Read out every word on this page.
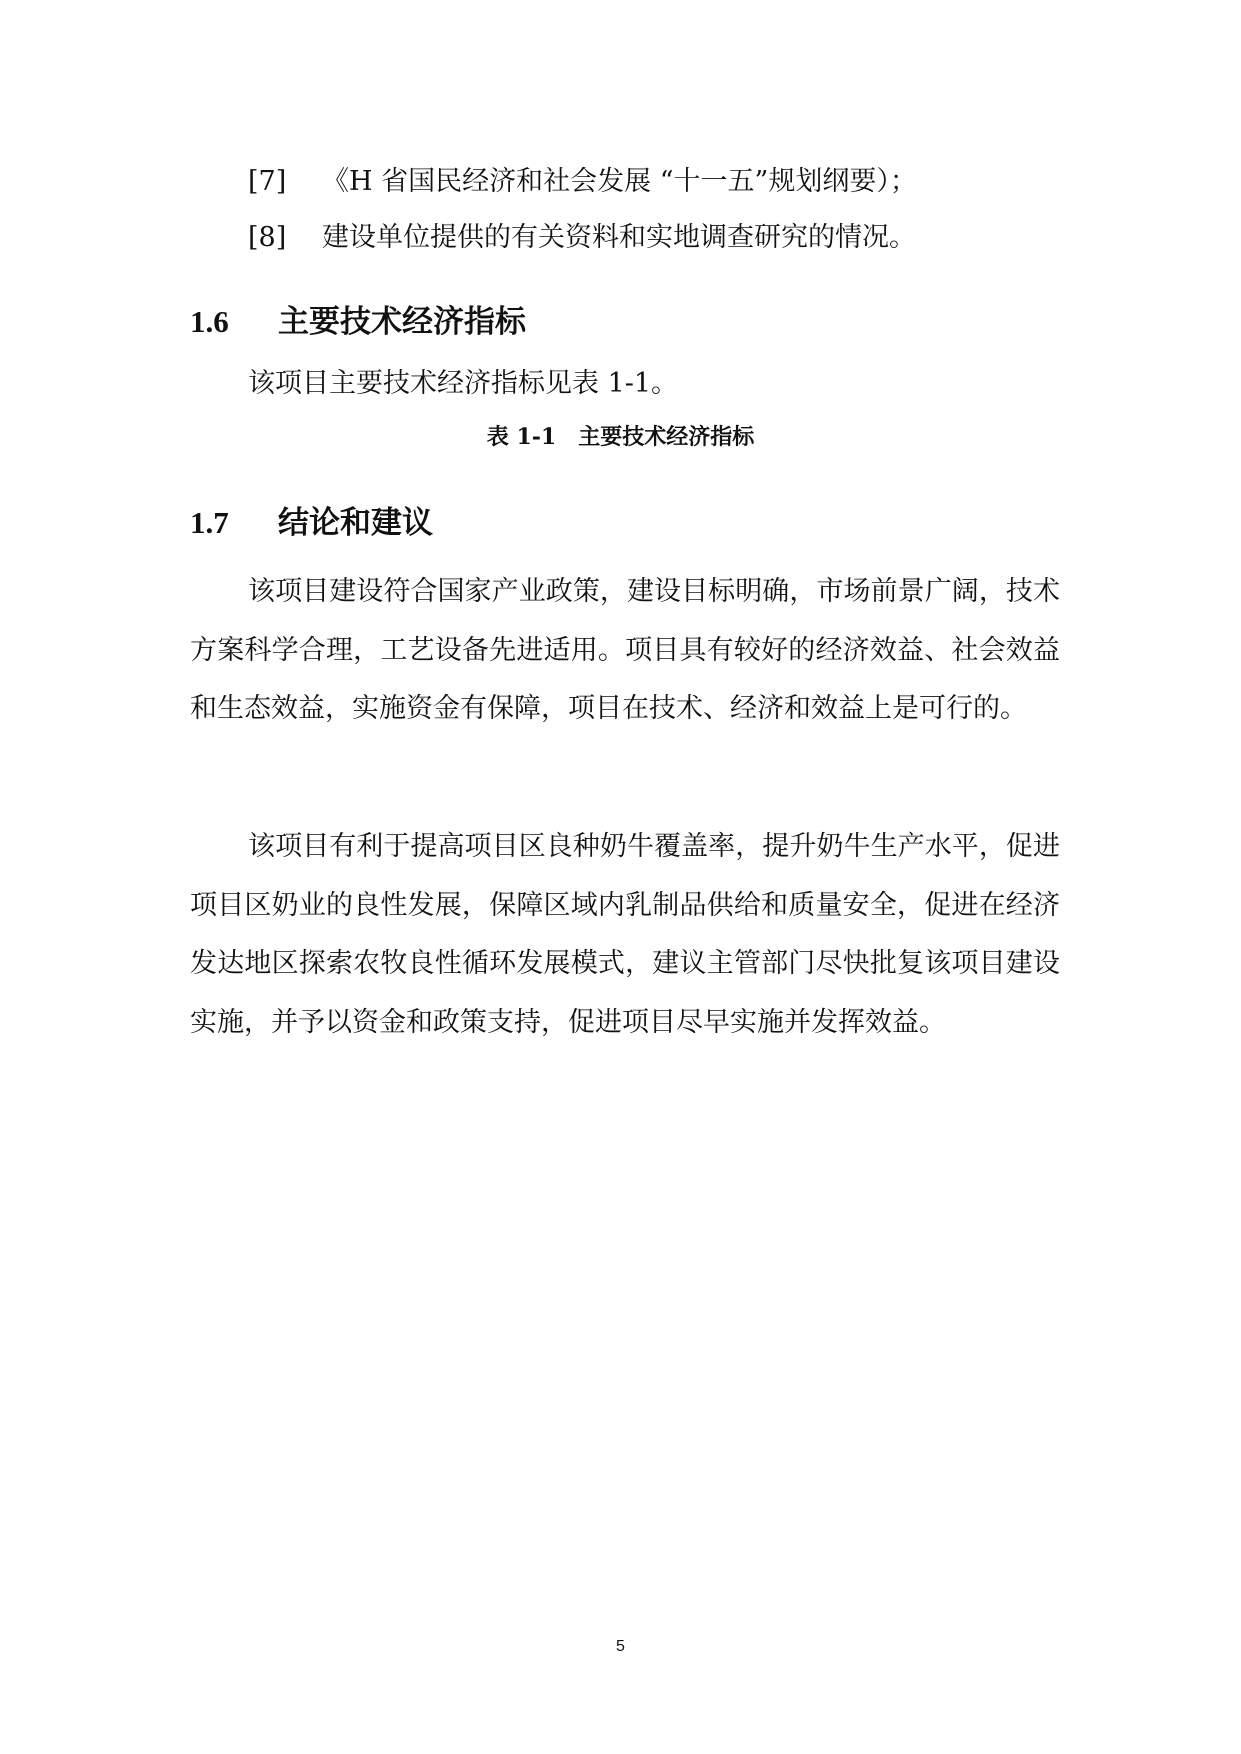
[7] 《H 省国民经济和社会发展 “十一五”规划纲要）；
[8] 建设单位提供的有关资料和实地调查研究的情况。
1.6 主要技术经济指标
该项目主要技术经济指标见表 1-1。
表 1-1　主要技术经济指标
1.7 结论和建议

该项目建设符合国家产业政策，建设目标明确，市场前景广阔，技术方案科学合理，工艺设备先进适用。项目具有较好的经济效益、社会效益和生态效益，实施资金有保障，项目在技术、经济和效益上是可行的。

该项目有利于提高项目区良种奶牛覆盖率，提升奶牛生产水平，促进项目区奶业的良性发展，保障区域内乳制品供给和质量安全，促进在经济发达地区探索农牧良性循环发展模式，建议主管部门尽快批复该项目建设实施，并予以资金和政策支持，促进项目尽早实施并发挥效益。

5
